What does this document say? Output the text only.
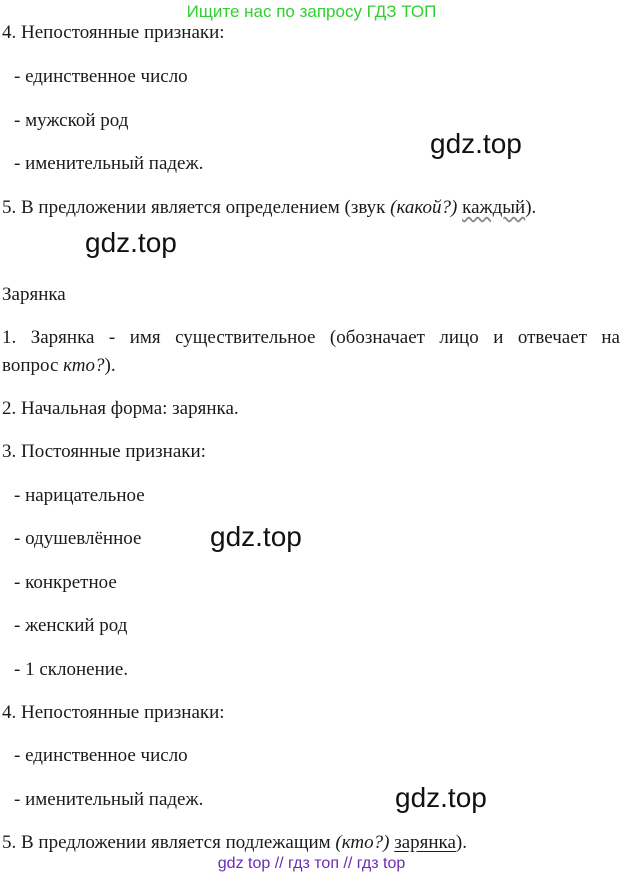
Ищите нас по запросу ГДЗ ТОП
4. Непостоянные признаки:
- единственное число
- мужской род
- именительный падеж.
5. В предложении является определением (звук (какой?) каждый).
Зарянка
1. Зарянка - имя существительное (обозначает лицо и отвечает на
вопрос кто?).
2. Начальная форма: зарянка.
3. Постоянные признаки:
- нарицательное
- одушевлённое
- конкретное
- женский род
- 1 склонение.
4. Непостоянные признаки:
- единственное число
- именительный падеж.
5. В предложении является подлежащим (кто?) зарянка).
gdz.top
gdz.top
gdz.top
gdz.top
gdz top // гдз топ // гдз top
